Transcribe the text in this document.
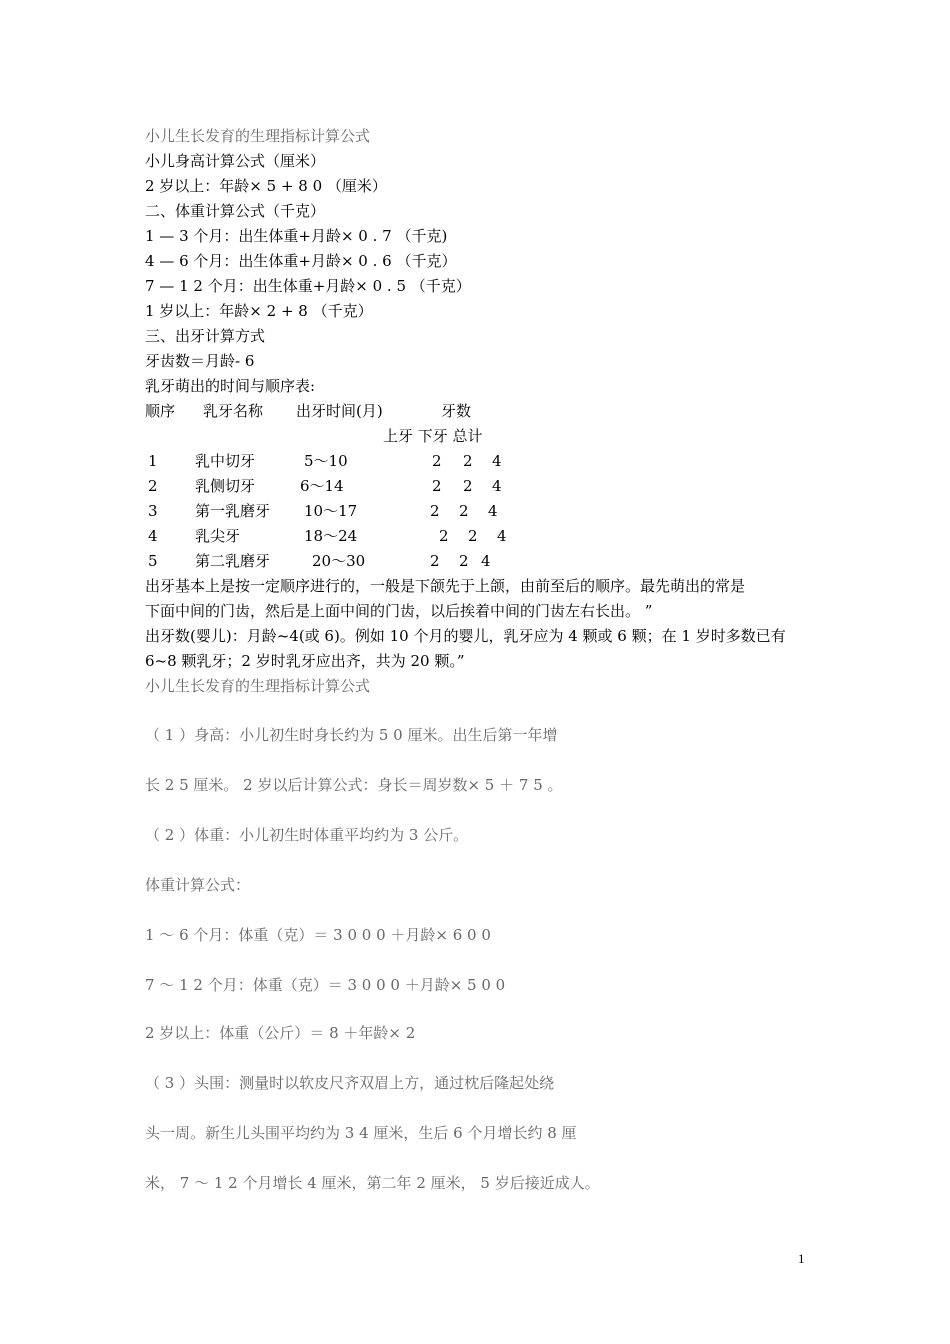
小儿生长发育的生理指标计算公式
小儿身高计算公式（厘米）
2 岁以上：年龄× 5 + 8 0 （厘米）
二、体重计算公式（千克）
1 — 3 个月：出生体重+月龄× 0 . 7 （千克)
4 — 6 个月：出生体重+月龄× 0 . 6 （千克）
7 — 1 2 个月：出生体重+月龄× 0 . 5 （千克）
1 岁以上：年龄× 2 + 8 （千克）
三、出牙计算方式
牙齿数＝月龄- 6
乳牙萌出的时间与顺序表:
顺序 乳牙名称 出牙时间(月)	牙数
上牙 下牙 总计
1 乳中切牙	5～10	2 2 4
2 乳侧切牙	6～14	2 2 4
3 第一乳磨牙 10～17	2 2 4
4 乳尖牙	18～24	2 2 4
5 第二乳磨牙	20～30	2 2 4
出牙基本上是按一定顺序进行的，一般是下颌先于上颌，由前至后的顺序。最先萌出的常是
下面中间的门齿，然后是上面中间的门齿，以后挨着中间的门齿左右长出。 ”
出牙数(婴儿)：月龄~4(或 6)。例如 10 个月的婴儿，乳牙应为 4 颗或 6 颗；在 1 岁时多数已有
6~8 颗乳牙；2 岁时乳牙应出齐，共为 20 颗。”
小儿生长发育的生理指标计算公式
（ 1 ）身高：小儿初生时身长约为 5 0 厘米。出生后第一年增
长 2 5 厘米。 2 岁以后计算公式：身长＝周岁数× 5 ＋ 7 5 。
（ 2 ）体重：小儿初生时体重平均约为 3 公斤。
体重计算公式：
1 ～ 6 个月：体重（克）＝ 3 0 0 0 ＋月龄× 6 0 0
7 ～ 1 2 个月：体重（克）＝ 3 0 0 0 ＋月龄× 5 0 0
2 岁以上：体重（公斤）＝ 8 ＋年龄× 2
（ 3 ）头围：测量时以软皮尺齐双眉上方，通过枕后隆起处绕
头一周。新生儿头围平均约为 3 4 厘米，生后 6 个月增长约 8 厘
米， 7 ～ 1 2 个月增长 4 厘米，第二年 2 厘米， 5 岁后接近成人。
1
